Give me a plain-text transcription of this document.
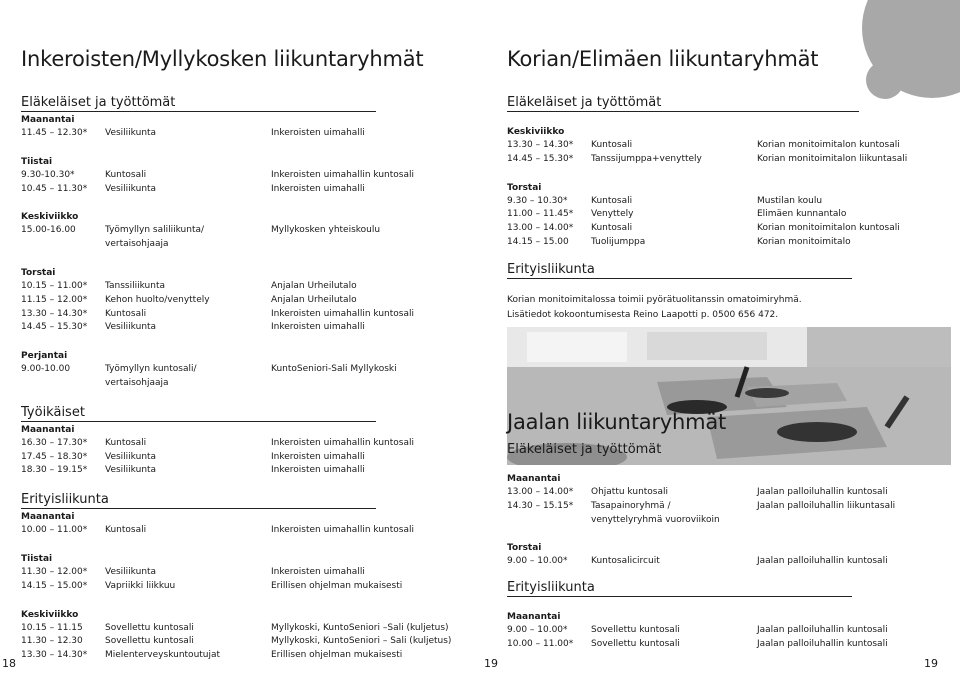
Inkeroisten/Myllykosken liikuntaryhmät
Eläkeläiset ja työttömät
Maanantai
11.45 – 12.30*	Vesiliikunta	Inkeroisten uimahalli
Tiistai
9.30-10.30*	Kuntosali	Inkeroisten uimahallin kuntosali
10.45 – 11.30*	Vesiliikunta	Inkeroisten uimahalli
Keskiviikko
15.00-16.00	Työmyllyn saliliikunta/	Myllykosken yhteiskoulu
vertaisohjaaja
Torstai
10.15 – 11.00*	Tanssiliikunta	Anjalan Urheilutalo
11.15 – 12.00*	Kehon huolto/venyttely	Anjalan Urheilutalo
13.30 – 14.30*	Kuntosali	Inkeroisten uimahallin kuntosali
14.45 – 15.30*	Vesiliikunta	Inkeroisten uimahalli
Perjantai
9.00-10.00	Työmyllyn kuntosali/	KuntoSeniori-Sali Myllykoski
vertaisohjaaja
Työikäiset
Maanantai
16.30 – 17.30*	Kuntosali	Inkeroisten uimahallin kuntosali
17.45 – 18.30*	Vesiliikunta	Inkeroisten uimahalli
18.30 – 19.15*	Vesiliikunta	Inkeroisten uimahalli
Erityisliikunta
Maanantai
10.00 – 11.00*	Kuntosali	Inkeroisten uimahallin kuntosali
Tiistai
11.30 – 12.00*	Vesiliikunta	Inkeroisten uimahalli
14.15 – 15.00*	Vapriikki liikkuu	Erillisen ohjelman mukaisesti
Keskiviikko
10.15 – 11.15	Sovellettu kuntosali	Myllykoski, KuntoSeniori –Sali (kuljetus)
11.30 – 12.30	Sovellettu kuntosali	Myllykoski, KuntoSeniori – Sali (kuljetus)
13.30 – 14.30*	Mielenterveyskuntoutujat	Erillisen ohjelman mukaisesti
18	19
Korian/Elimäen liikuntaryhmät
Eläkeläiset ja työttömät
Keskiviikko
13.30 – 14.30*	Kuntosali	Korian monitoimitalon kuntosali
14.45 – 15.30*	Tanssijumppa+venyttely	Korian monitoimitalon liikuntasali
Torstai
9.30 – 10.30*	Kuntosali	Mustilan koulu
11.00 – 11.45*	Venyttely	Elimäen kunnantalo
13.00 – 14.00*	Kuntosali	Korian monitoimitalon kuntosali
14.15 – 15.00	Tuolijumppa	Korian monitoimitalo
Erityisliikunta
Korian monitoimitalossa toimii pyörätuolitanssin omatoimiryhmä.
Lisätiedot kokoontumisesta Reino Laapotti p. 0500 656 472.
Jaalan liikuntaryhmät
Eläkeläiset ja työttömät
Maanantai
13.00 – 14.00*	Ohjattu kuntosali	Jaalan palloiluhallin kuntosali
14.30 – 15.15*	Tasapainoryhmä /	Jaalan palloiluhallin liikuntasali
venyttelyryhmä vuoroviikoin
Torstai
9.00 – 10.00*	Kuntosalicircuit	Jaalan palloiluhallin kuntosali
Erityisliikunta
Maanantai
9.00 – 10.00*	Sovellettu kuntosali	Jaalan palloiluhallin kuntosali
10.00 – 11.00*	Sovellettu kuntosali	Jaalan palloiluhallin kuntosali
19
